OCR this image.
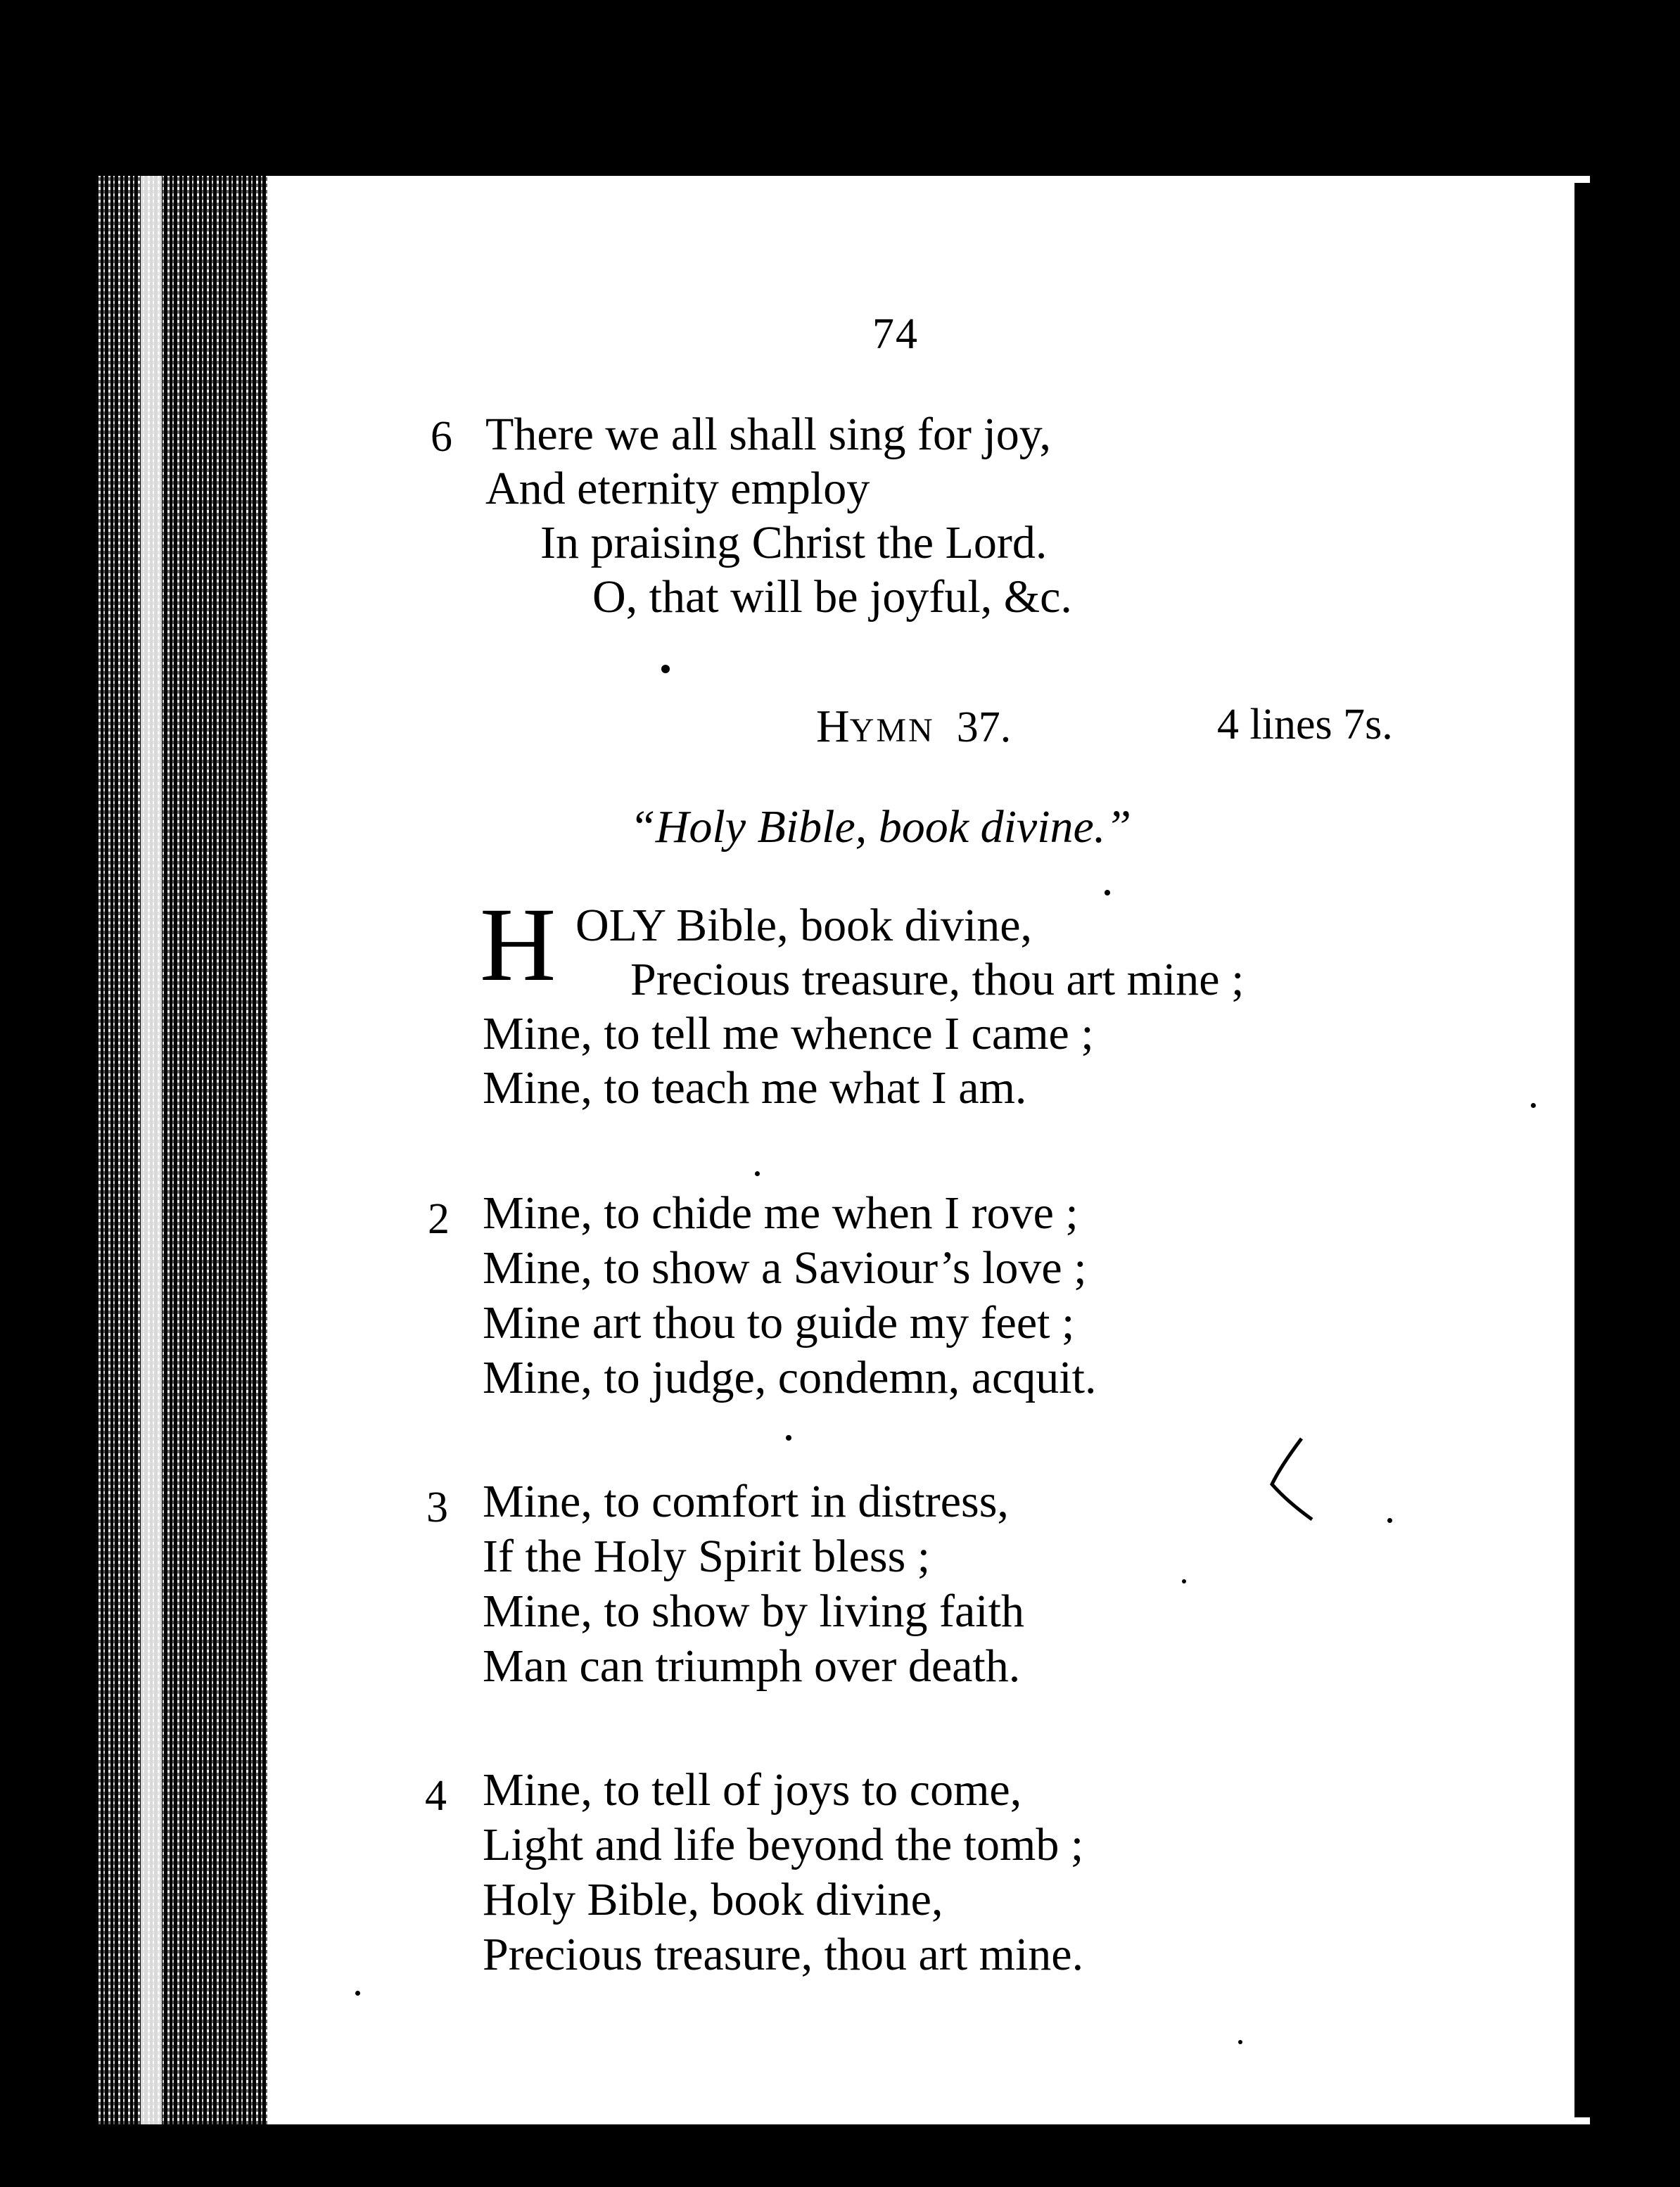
74
6 There we all shall sing for joy,
And eternity employ
In praising Christ the Lord.
O, that will be joyful, &c.
HYMN 37.	4 lines 7s.
“Holy Bible, book divine.”
H OLY Bible, book divine,
Precious treasure, thou art mine ;
Mine, to tell me whence I came ;
Mine, to teach me what I am.
2 Mine, to chide me when I rove ;
Mine, to show a Saviour’s love ;
Mine art thou to guide my feet ;
Mine, to judge, condemn, acquit.
3 Mine, to comfort in distress,
If the Holy Spirit bless ;
Mine, to show by living faith
Man can triumph over death.
4 Mine, to tell of joys to come,
Light and life beyond the tomb ;
Holy Bible, book divine,
Precious treasure, thou art mine.
